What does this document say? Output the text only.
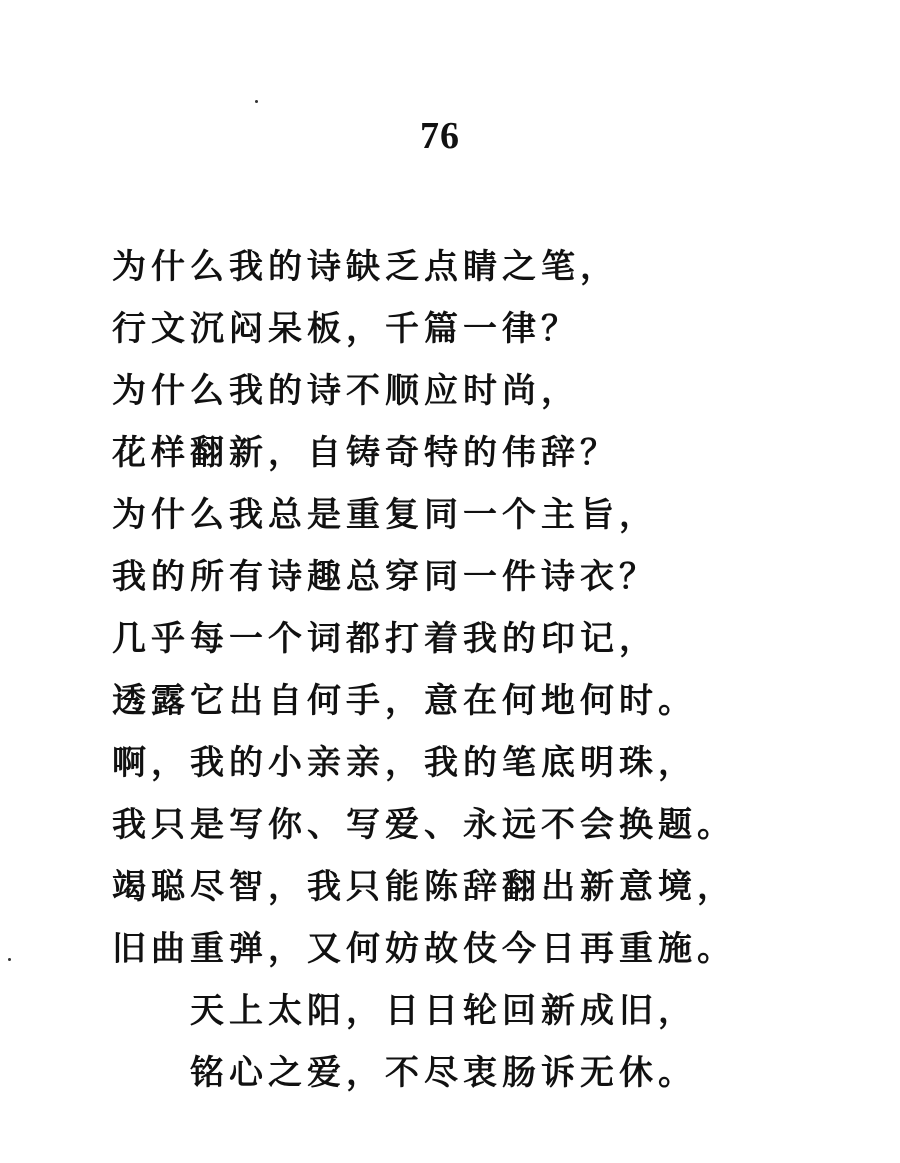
76
为什么我的诗缺乏点睛之笔，
行文沉闷呆板，千篇一律？
为什么我的诗不顺应时尚，
花样翻新，自铸奇特的伟辞？
为什么我总是重复同一个主旨，
我的所有诗趣总穿同一件诗衣？
几乎每一个词都打着我的印记，
透露它出自何手，意在何地何时。
啊，我的小亲亲，我的笔底明珠，
我只是写你、写爱、永远不会换题。
竭聪尽智，我只能陈辞翻出新意境，
旧曲重弹，又何妨故伎今日再重施。
天上太阳，日日轮回新成旧，
铭心之爱，不尽衷肠诉无休。
